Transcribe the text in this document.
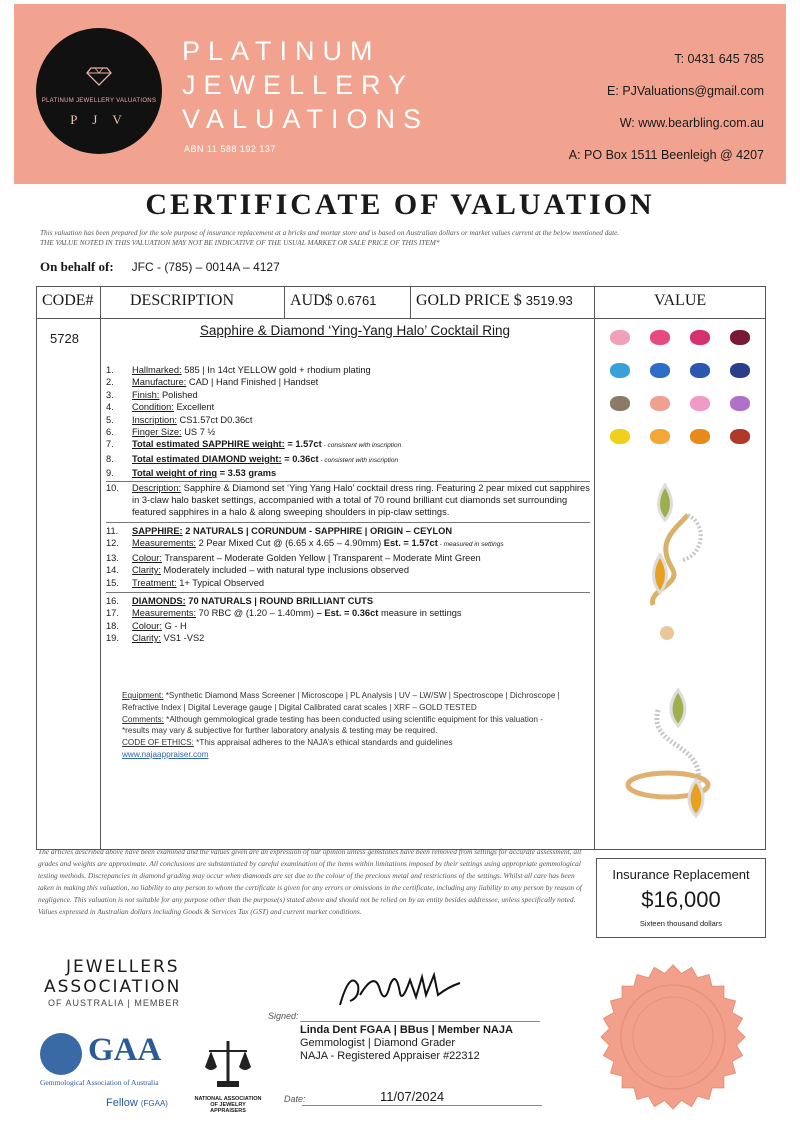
PLATINUM JEWELLERY VALUATIONS
P J V
PLATINUM
JEWELLERY
VALUATIONS
ABN 11 588 192 137
T: 0431 645 785
E: PJValuations@gmail.com
W: www.bearbling.com.au
A: PO Box 1511 Beenleigh @ 4207
CERTIFICATE OF VALUATION
This valuation has been prepared for the sole purpose of insurance replacement at a bricks and mortar store and is based on Australian dollars or market values current at the below mentioned date.
THE VALUE NOTED IN THIS VALUATION MAY NOT BE INDICATIVE OF THE USUAL MARKET OR SALE PRICE OF THIS ITEM*
On behalf of: JFC - (785) – 0014A – 4127
CODE# DESCRIPTION	AUD$ 0.6761 GOLD PRICE $ 3519.93	VALUE
5728
Sapphire & Diamond ‘Ying-Yang Halo’ Cocktail Ring
1.	Hallmarked: 585 | In 14ct YELLOW gold + rhodium plating
2.	Manufacture: CAD | Hand Finished | Handset
3.	Finish: Polished
4.	Condition: Excellent
5.	Inscription: CS1.57ct D0.36ct
6.	Finger Size: US 7 ½
7.	Total estimated SAPPHIRE weight: = 1.57ct - consistent with inscription
8.	Total estimated DIAMOND weight: = 0.36ct - consistent with inscription
9.	Total weight of ring = 3.53 grams
10.	Description: Sapphire & Diamond set ‘Ying Yang Halo’ cocktail dress ring. Featuring 2 pear mixed cut sapphires in 3-claw halo basket settings, accompanied with a total of 70 round brilliant cut diamonds set surrounding featured sapphires in a halo & along sweeping shoulders in pip-claw settings.
11.	SAPPHIRE: 2 NATURALS | CORUNDUM - SAPPHIRE | ORIGIN – CEYLON
12.	Measurements: 2 Pear Mixed Cut @ (6.65 x 4.65 – 4.90mm) Est. = 1.57ct - measured in settings
13.	Colour: Transparent – Moderate Golden Yellow | Transparent – Moderate Mint Green
14.	Clarity: Moderately included – with natural type inclusions observed
15.	Treatment: 1+ Typical Observed
16.	DIAMONDS: 70 NATURALS | ROUND BRILLIANT CUTS
17.	Measurements: 70 RBC @ (1.20 – 1.40mm) – Est. = 0.36ct measure in settings
18.	Colour: G - H
19.	Clarity: VS1 -VS2
Equipment: *Synthetic Diamond Mass Screener | Microscope | PL Analysis | UV – LW/SW | Spectroscope | Dichroscope | Refractive Index | Digital Leverage gauge | Digital Calibrated carat scales | XRF – GOLD TESTED
Comments: *Although gemmological grade testing has been conducted using scientific equipment for this valuation - *results may vary & subjective for further laboratory analysis & testing may be required.
CODE OF ETHICS: *This appraisal adheres to the NAJA’s ethical standards and guidelines
www.najaappraiser.com
The articles described above have been examined and the values given are an expression of our opinion unless gemstones have been removed from settings for accurate assessment, all grades and weights are approximate. All conclusions are substantiated by careful examination of the items within limitations imposed by their settings using appropriate gemmological testing methods. Discrepancies in diamond grading may occur when diamonds are set due to the colour of the precious metal and restrictions of the settings. Whilst all care has been taken in making this valuation, no liability to any person to whom the certificate is given for any errors or omissions in the certificate, including any liability to any person by reason of negligence. This valuation is not suitable for any purpose other than the purpose(s) stated above and should not be relied on by an entity besides addressee, unless specifically noted. Values expressed in Australian dollars including Goods & Services Tax (GST) and current market conditions.
Insurance Replacement
$16,000
Sixteen thousand dollars
JEWELLERS
ASSOCIATION
OF AUSTRALIA | MEMBER
GAA
Gemmological Association of Australia
Fellow (FGAA)	NATIONAL ASSOCIATION OF JEWELRY APPRAISERS
Signed:
Linda Dent FGAA | BBus | Member NAJA
Gemmologist | Diamond Grader
NAJA - Registered Appraiser #22312
Date:	11/07/2024
